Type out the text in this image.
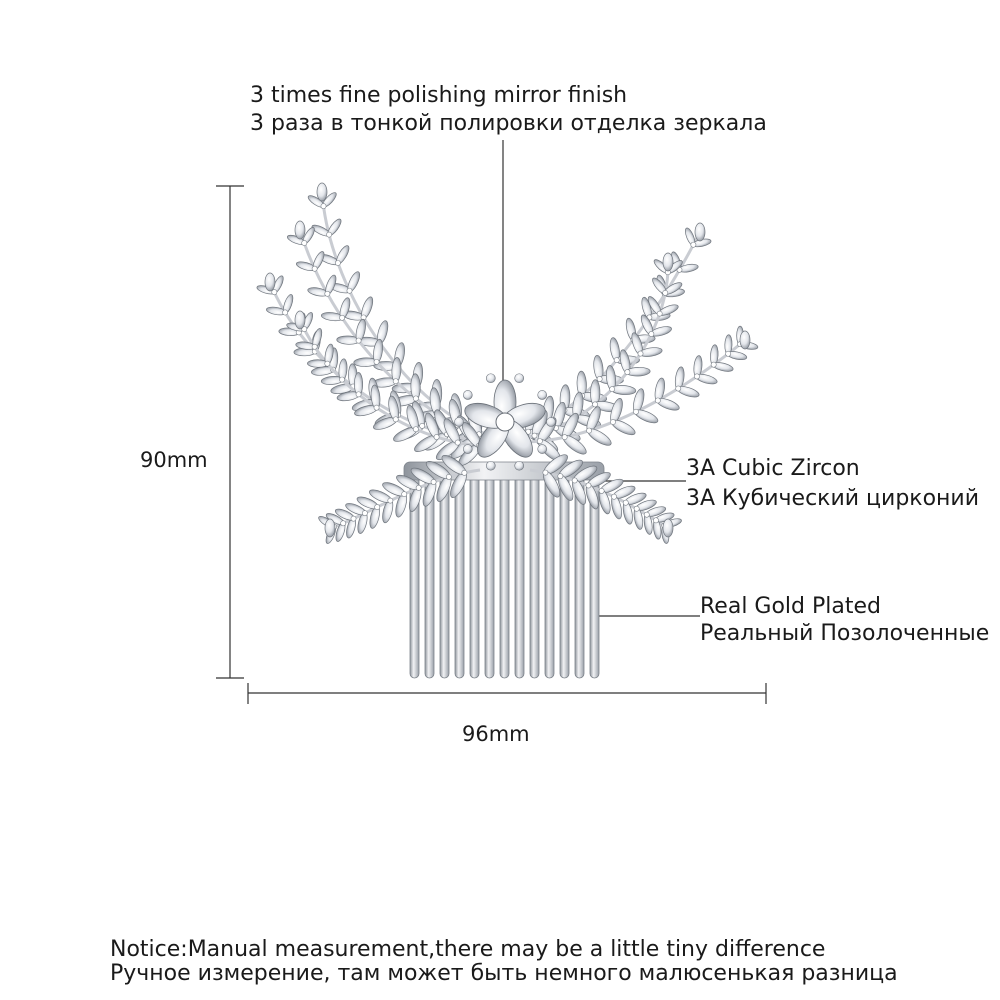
3 times fine polishing mirror finish
3 раза в тонкой полировки отделка зеркала
3A Cubic Zircon
3A Кубический цирконий
Real Gold Plated
Реальный Позолоченные
90mm
96mm
Notice:Manual measurement,there may be a little tiny difference
Ручное измерение, там может быть немного малюсенькая разница
